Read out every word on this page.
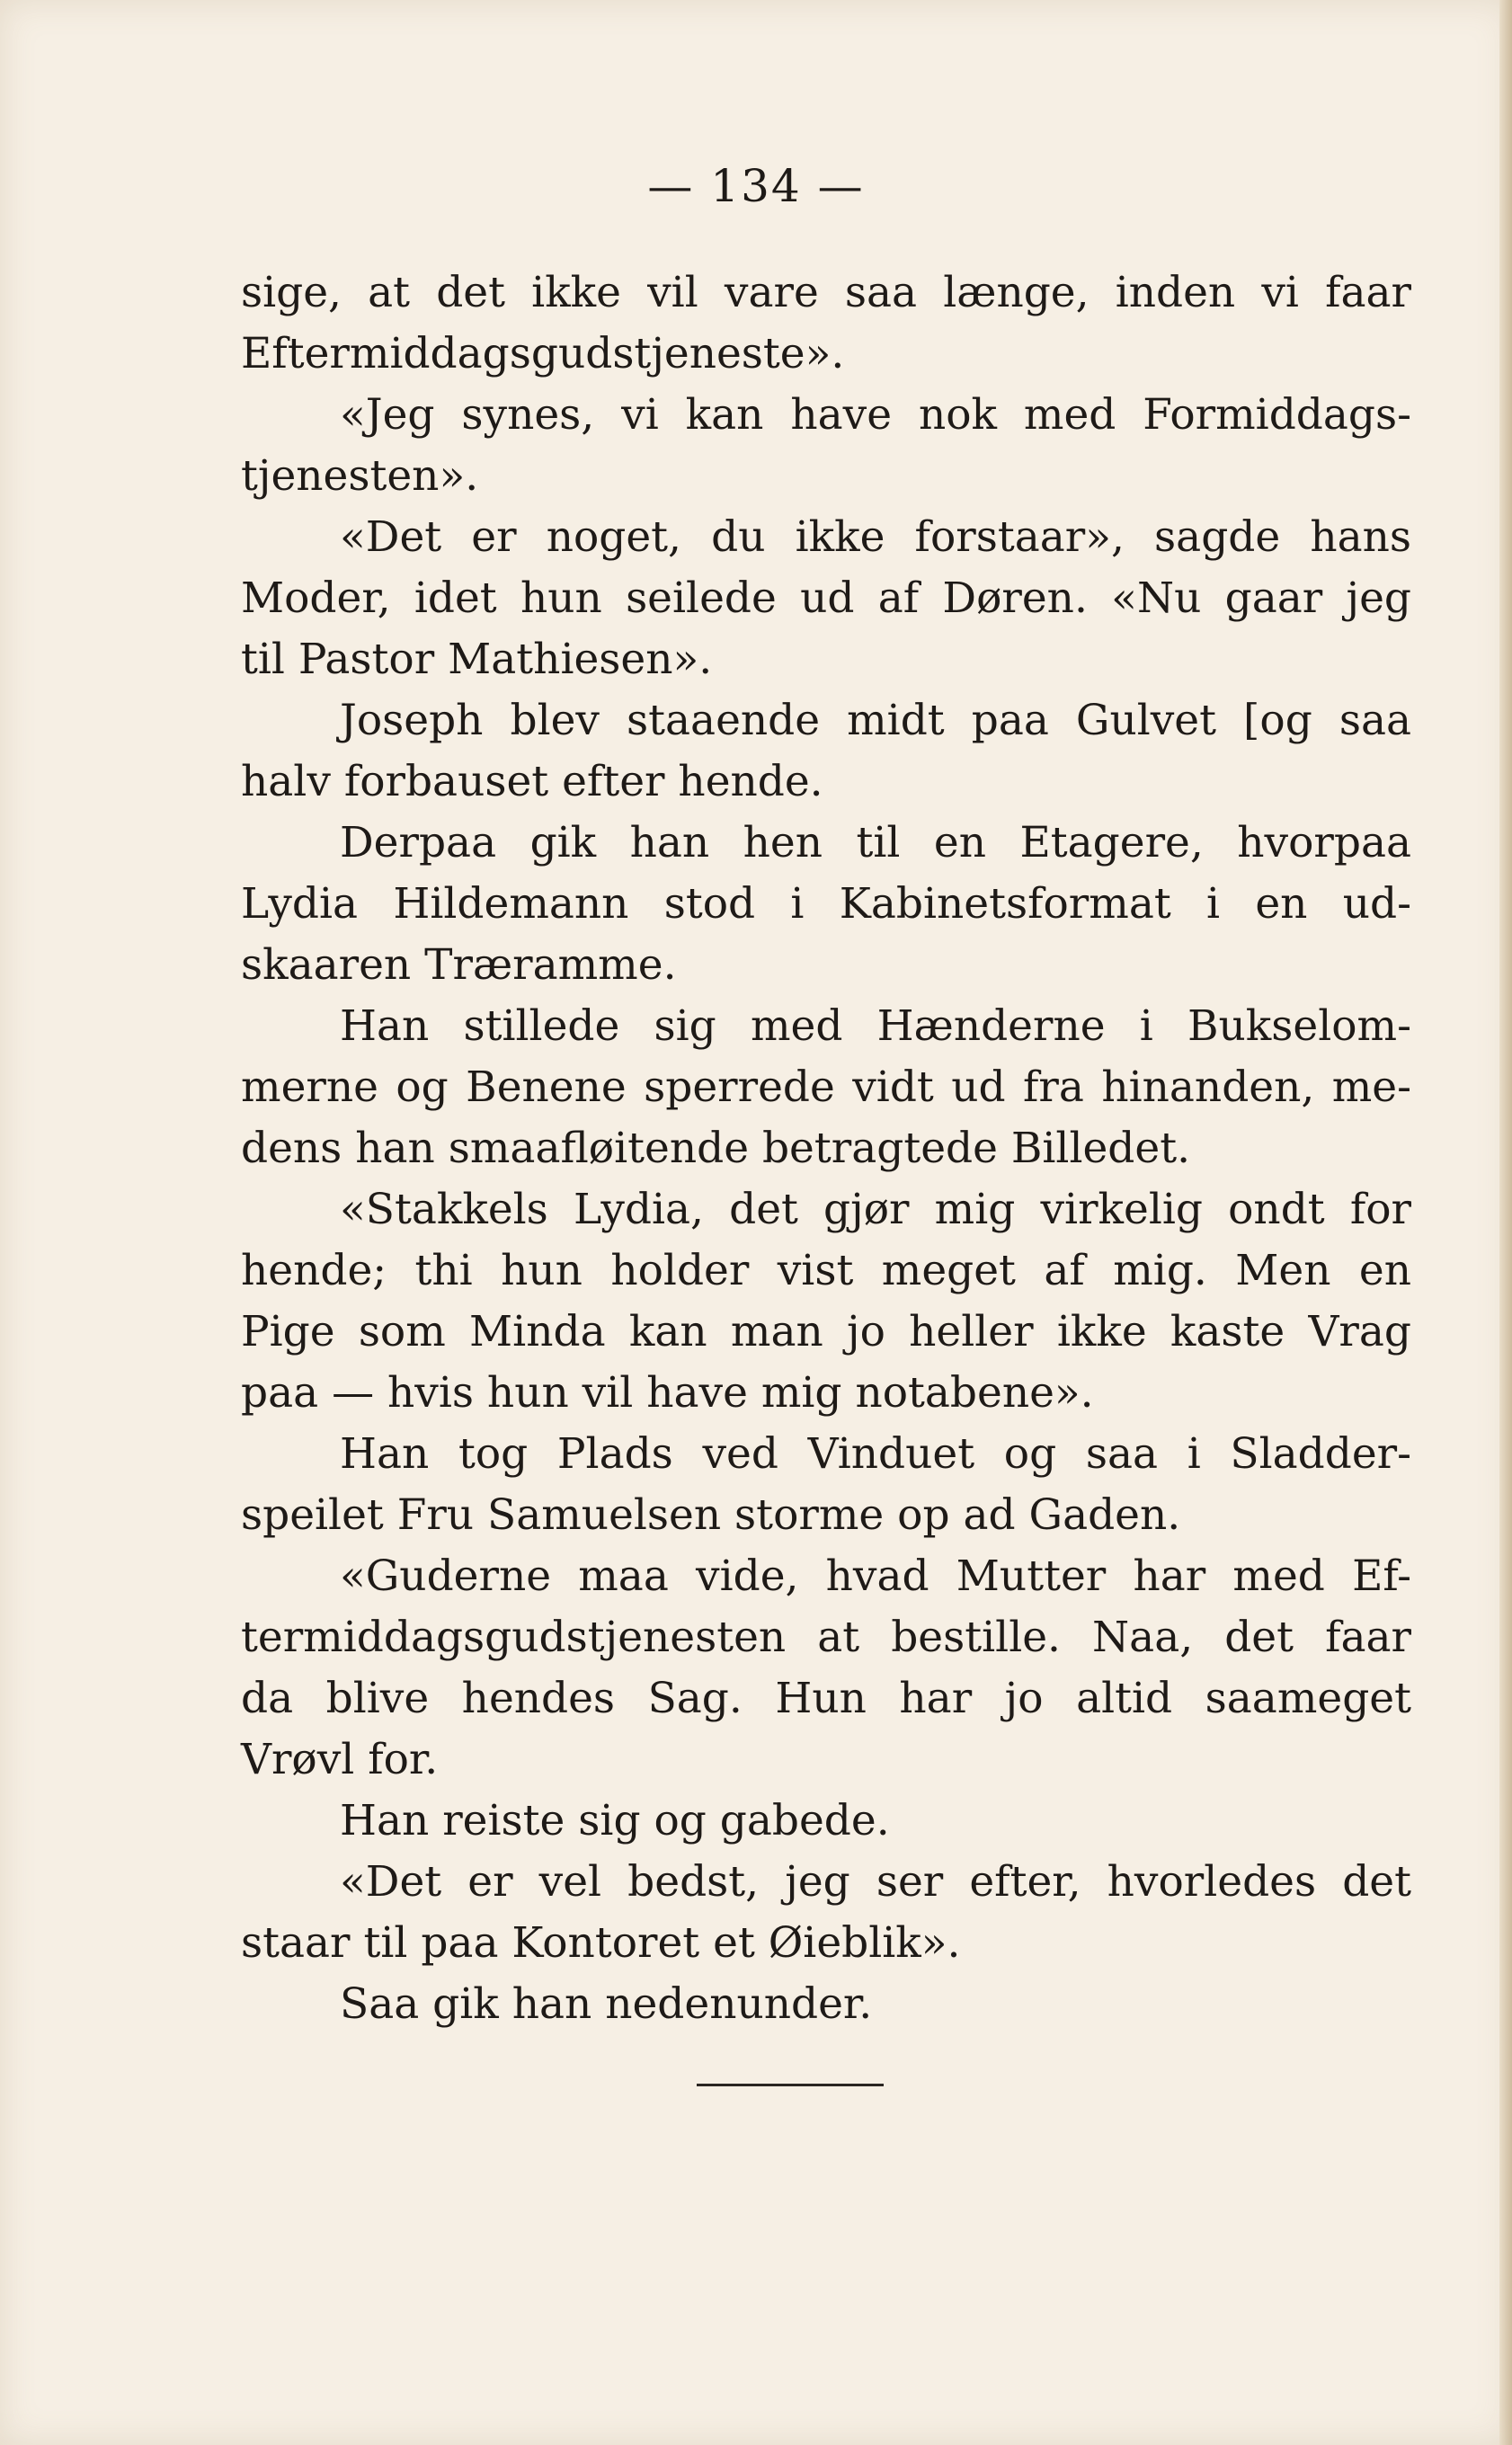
— 134 —
sige, at det ikke vil vare saa længe, inden vi faar
Eftermiddagsgudstjeneste».
«Jeg synes, vi kan have nok med Formiddags-
tjenesten».
«Det er noget, du ikke forstaar», sagde hans
Moder, idet hun seilede ud af Døren. «Nu gaar jeg
til Pastor Mathiesen».
Joseph blev staaende midt paa Gulvet [og saa
halv forbauset efter hende.
Derpaa gik han hen til en Etagere, hvorpaa
Lydia Hildemann stod i Kabinetsformat i en ud-
skaaren Træramme.
Han stillede sig med Hænderne i Bukselom-
merne og Benene sperrede vidt ud fra hinanden, me-
dens han smaafløitende betragtede Billedet.
«Stakkels Lydia, det gjør mig virkelig ondt for
hende; thi hun holder vist meget af mig. Men en
Pige som Minda kan man jo heller ikke kaste Vrag
paa — hvis hun vil have mig notabene».
Han tog Plads ved Vinduet og saa i Sladder-
speilet Fru Samuelsen storme op ad Gaden.
«Guderne maa vide, hvad Mutter har med Ef-
termiddagsgudstjenesten at bestille. Naa, det faar
da blive hendes Sag. Hun har jo altid saameget
Vrøvl for.
Han reiste sig og gabede.
«Det er vel bedst, jeg ser efter, hvorledes det
staar til paa Kontoret et Øieblik».
Saa gik han nedenunder.
